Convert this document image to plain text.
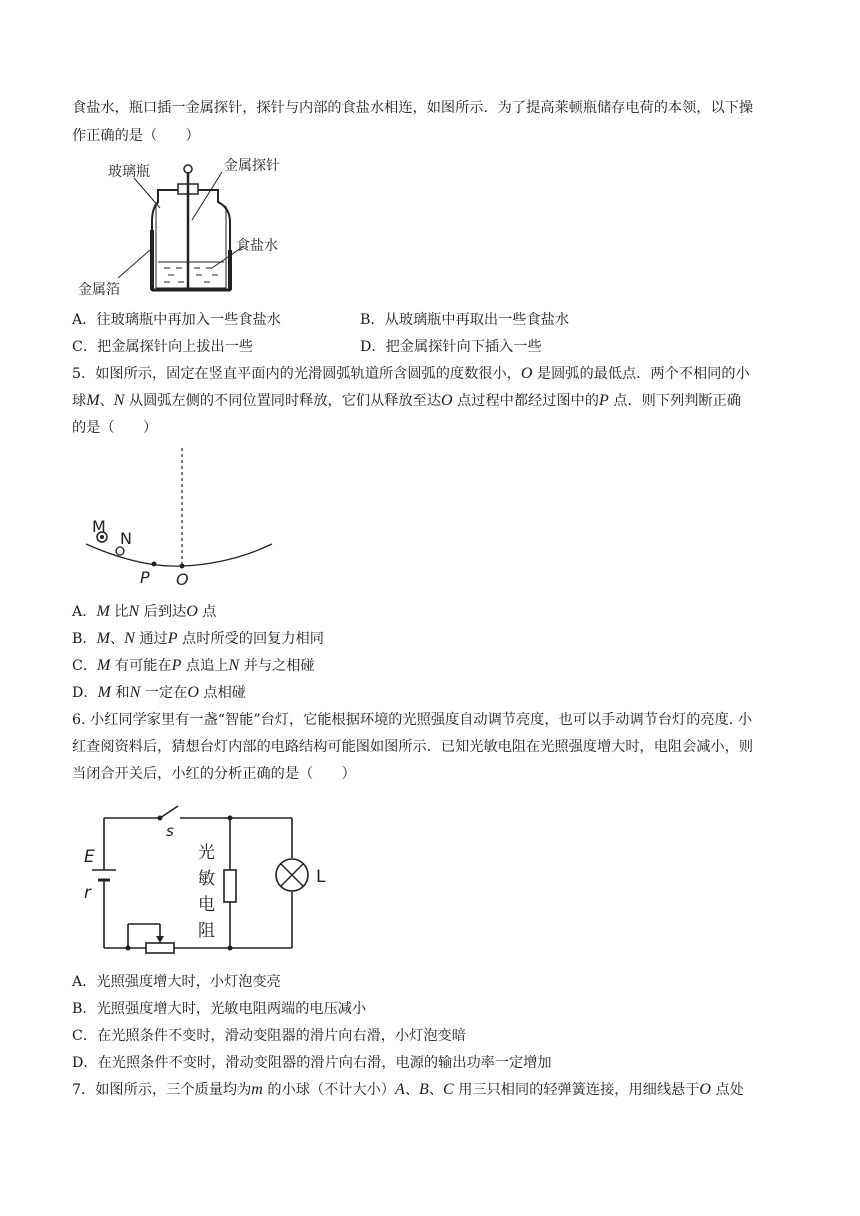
食盐水，瓶口插一金属探针，探针与内部的食盐水相连，如图所示．为了提高莱顿瓶储存电荷的本领，以下操
作正确的是（　　）
玻璃瓶	金属探针
食盐水
金属箔
A．往玻璃瓶中再加入一些食盐水	B．从玻璃瓶中再取出一些食盐水
C．把金属探针向上拔出一些	D．把金属探针向下插入一些
5．如图所示，固定在竖直平面内的光滑圆弧轨道所含圆弧的度数很小，O 是圆弧的最低点．两个不相同的小
球M、N 从圆弧左侧的不同位置同时释放，它们从释放至达O 点过程中都经过图中的P 点．则下列判断正确
的是（　　）
M
N
P O
A．M 比N 后到达O 点
B．M、N 通过P 点时所受的回复力相同
C．M 有可能在P 点追上N 并与之相碰
D．M 和N 一定在O 点相碰
6. 小红同学家里有一盏“智能”台灯，它能根据环境的光照强度自动调节亮度，也可以手动调节台灯的亮度. 小
红查阅资料后，猜想台灯内部的电路结构可能图如图所示．已知光敏电阻在光照强度增大时，电阻会减小，则
当闭合开关后，小红的分析正确的是（　　）
E
r
s
光
敏
电
阻
L
A．光照强度增大时，小灯泡变亮
B．光照强度增大时，光敏电阻两端的电压减小
C．在光照条件不变时，滑动变阻器的滑片向右滑，小灯泡变暗
D．在光照条件不变时，滑动变阻器的滑片向右滑，电源的输出功率一定增加
7．如图所示，三个质量均为m 的小球（不计大小）A、B、C 用三只相同的轻弹簧连接，用细线悬于O 点处
